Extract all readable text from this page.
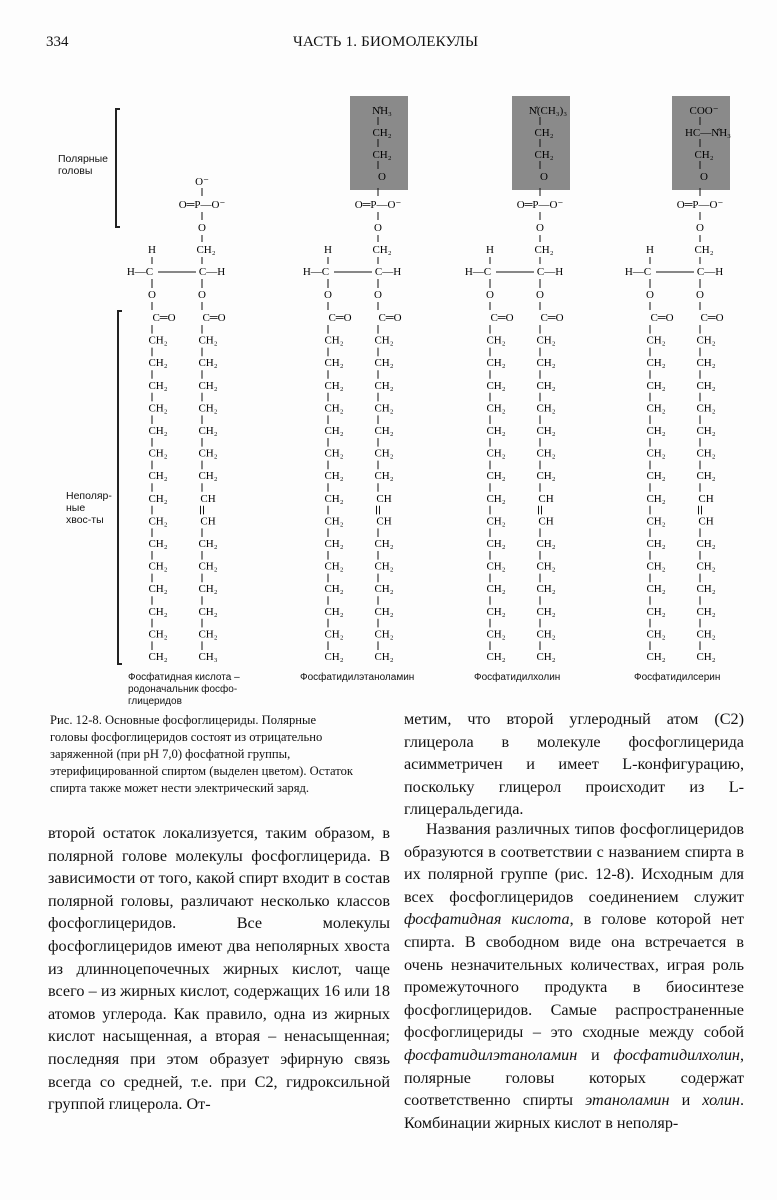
334	ЧАСТЬ 1. БИОМОЛЕКУЛЫ
Полярные головы
Неполяр-ные хвос-ты
O⁻
O═P—O⁻
O
CH₂
H
H—C	C—H
O	O
C═O C═O
CH₂	CH₂
CH₂	CH₂
CH₂	CH₂
CH₂	CH₂
CH₂	CH₂
CH₂	CH₂
CH₂	CH₂
CH₂	CH
CH₂	CH
CH₂	CH₂
CH₂	CH₂
CH₂	CH₂
CH₂	CH₂
CH₂	CH₂
CH₂	CH₃
N̊H₃
CH₂
CH₂
O
O═P—O⁻
O
CH₂
H
H—C	C—H
O	O
C═O C═O
CH₂	CH₂
CH₂	CH₂
CH₂	CH₂
CH₂	CH₂
CH₂	CH₂
CH₂	CH₂
CH₂	CH₂
CH₂	CH
CH₂	CH
CH₂	CH₂
CH₂	CH₂
CH₂	CH₂
CH₂	CH₂
CH₂	CH₂
CH₂	CH₂
N̊(CH₃)₃
CH₂
CH₂
O
O═P—O⁻
O
CH₂
H
H—C	C—H
O	O
C═O C═O
CH₂	CH₂
CH₂	CH₂
CH₂	CH₂
CH₂	CH₂
CH₂	CH₂
CH₂	CH₂
CH₂	CH₂
CH₂	CH
CH₂	CH
CH₂	CH₂
CH₂	CH₂
CH₂	CH₂
CH₂	CH₂
CH₂	CH₂
CH₂	CH₂
COO⁻
HC—N̊H₃
CH₂
O
O═P—O⁻
O
CH₂
H
H—C	C—H
O	O
C═O C═O
CH₂	CH₂
CH₂	CH₂
CH₂	CH₂
CH₂	CH₂
CH₂	CH₂
CH₂	CH₂
CH₂	CH₂
CH₂	CH
CH₂	CH
CH₂	CH₂
CH₂	CH₂
CH₂	CH₂
CH₂	CH₂
CH₂	CH₂
CH₂	CH₂
Фосфатидная кислота – родоначальник фосфо-глицеридов
Фосфатидилэтаноламин	Фосфатидилхолин	Фосфатидилсерин
Рис. 12-8. Основные фосфоглицериды. Полярные головы фосфоглицеридов состоят из отрицательно заряженной (при pH 7,0) фосфатной группы, этерифицированной спиртом (выделен цветом). Остаток спирта также может нести электрический заряд.

метим, что второй углеродный атом (C2) глицерола в молекуле фосфоглицерида асимметричен и имеет L-конфигурацию, поскольку глицерол происходит из L-глицеральдегида.

второй остаток локализуется, таким образом, в полярной голове молекулы фосфоглицерида. В зависимости от того, какой спирт входит в состав полярной головы, различают несколько классов фосфоглицеридов. Все молекулы фосфоглицеридов имеют два неполярных хвоста из длинноцепочечных жирных кислот, чаще всего – из жирных кислот, содержащих 16 или 18 атомов углерода. Как правило, одна из жирных кислот насыщенная, а вторая – ненасыщенная; последняя при этом образует эфирную связь всегда со средней, т.е. при C2, гидроксильной группой глицерола. От-

Названия различных типов фосфоглицеридов образуются в соответствии с названием спирта в их полярной группе (рис. 12-8). Исходным для всех фосфоглицеридов соединением служит фосфатидная кислота, в голове которой нет спирта. В свободном виде она встречается в очень незначительных количествах, играя роль промежуточного продукта в биосинтезе фосфоглицеридов. Самые распространенные фосфоглицериды – это сходные между собой фосфатидилэтаноламин и фосфатидилхолин, полярные головы которых содержат соответственно спирты этаноламин и холин. Комбинации жирных кислот в неполяр-
